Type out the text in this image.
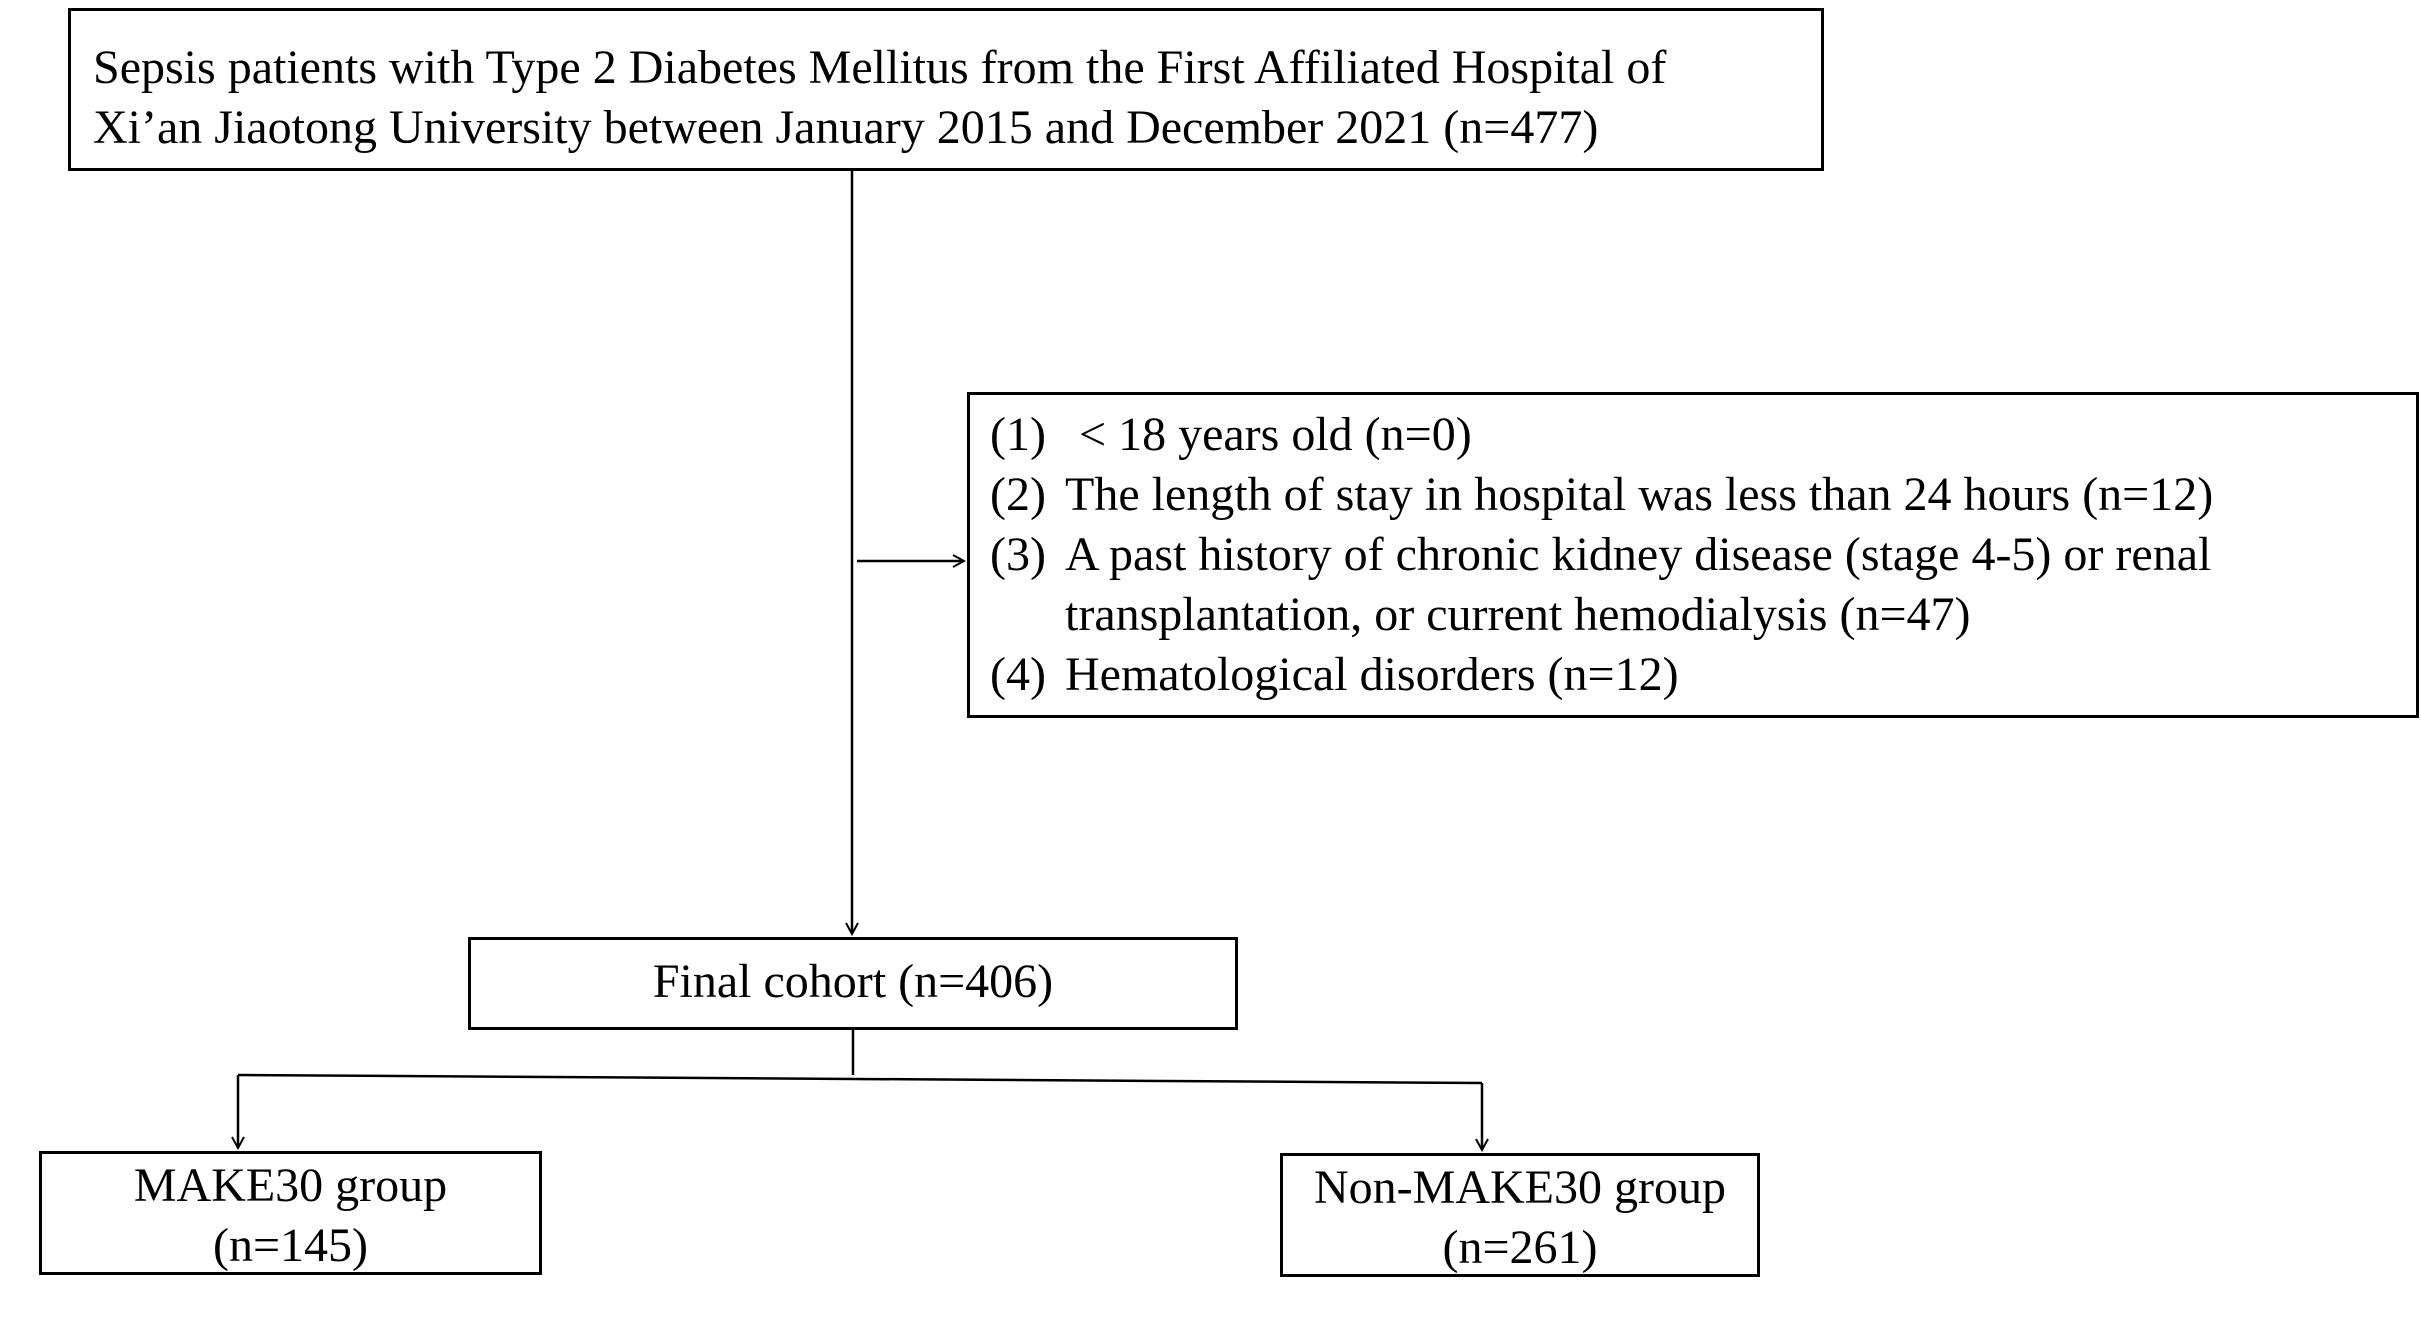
Sepsis patients with Type 2 Diabetes Mellitus from the First Affiliated Hospital of
Xi’an Jiaotong University between January 2015 and December 2021 (n=477)
(1) < 18 years old (n=0)
(2) The length of stay in hospital was less than 24 hours (n=12)
(3) A past history of chronic kidney disease (stage 4-5) or renal
transplantation, or current hemodialysis (n=47)
(4) Hematological disorders (n=12)
Final cohort (n=406)
MAKE30 group
(n=145)
Non-MAKE30 group
(n=261)
